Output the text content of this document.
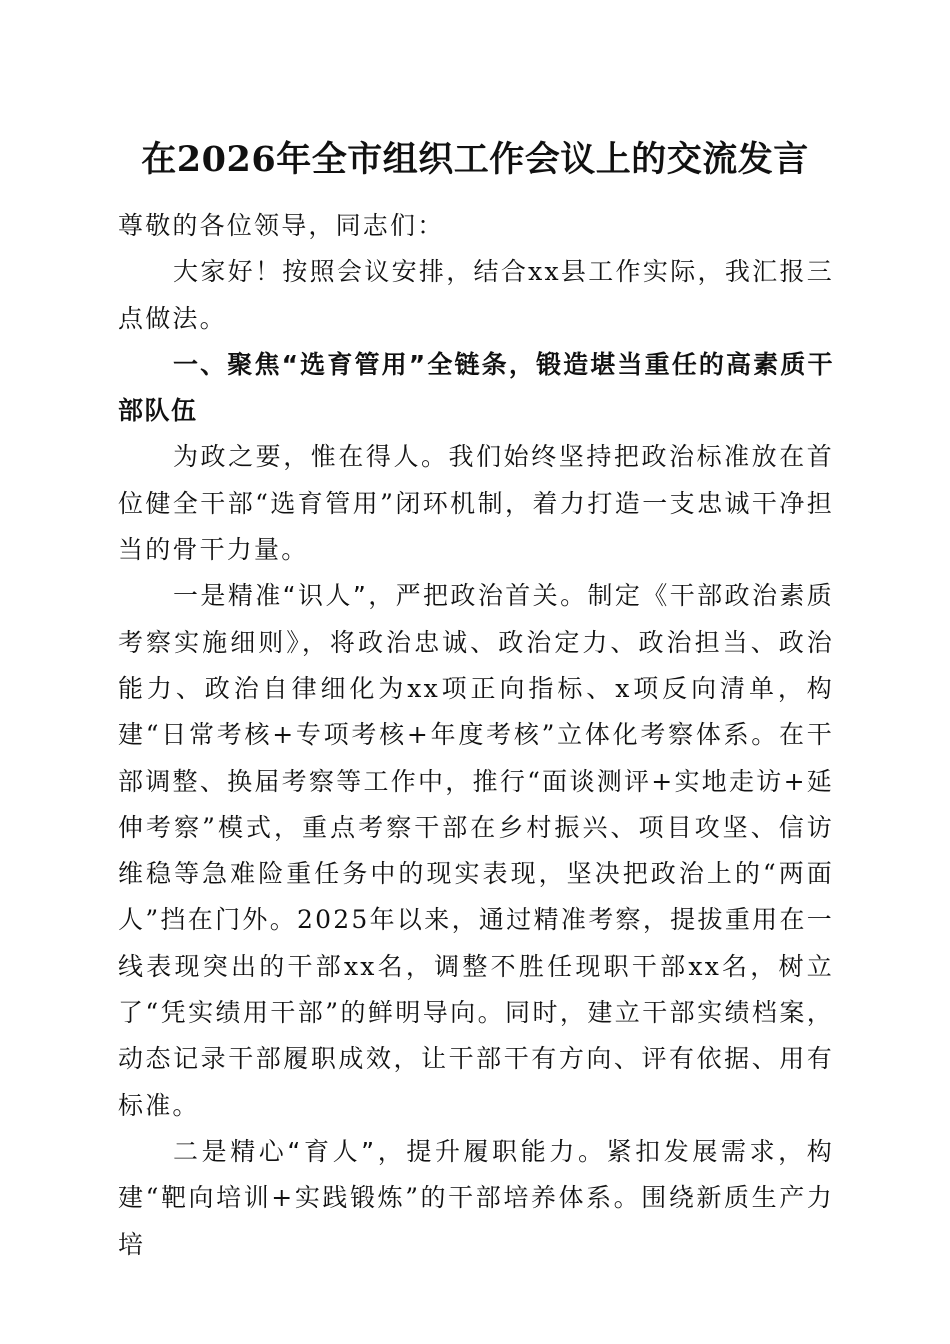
在2026年全市组织工作会议上的交流发言

尊敬的各位领导，同志们：

大家好！按照会议安排，结合xx县工作实际，我汇报三点做法。

一、聚焦“选育管用”全链条，锻造堪当重任的高素质干部队伍

为政之要，惟在得人。我们始终坚持把政治标准放在首位健全干部“选育管用”闭环机制，着力打造一支忠诚干净担当的骨干力量。

一是精准“识人”，严把政治首关。制定《干部政治素质考察实施细则》，将政治忠诚、政治定力、政治担当、政治能力、政治自律细化为xx项正向指标、x项反向清单，构建“日常考核+专项考核+年度考核”立体化考察体系。在干部调整、换届考察等工作中，推行“面谈测评+实地走访+延伸考察”模式，重点考察干部在乡村振兴、项目攻坚、信访维稳等急难险重任务中的现实表现，坚决把政治上的“两面人”挡在门外。2025年以来，通过精准考察，提拔重用在一线表现突出的干部xx名，调整不胜任现职干部xx名，树立了“凭实绩用干部”的鲜明导向。同时，建立干部实绩档案，动态记录干部履职成效，让干部干有方向、评有依据、用有标准。

二是精心“育人”，提升履职能力。紧扣发展需求，构建“靶向培训+实践锻炼”的干部培养体系。围绕新质生产力培
